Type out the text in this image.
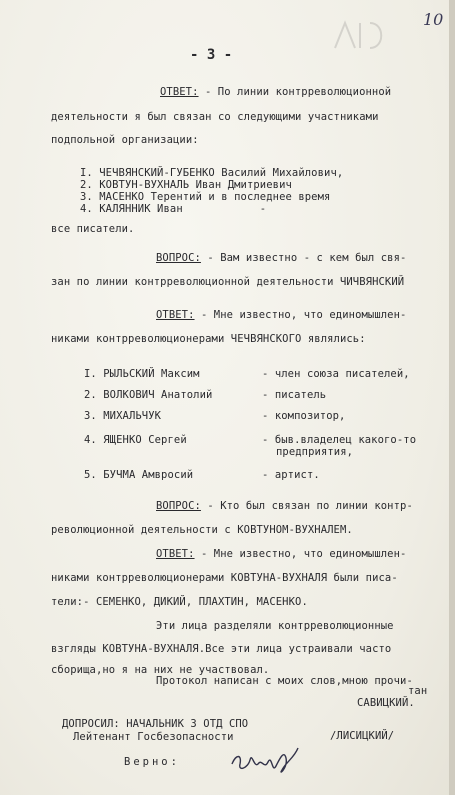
10
- 3 -
ОТВЕТ: - По линии контрреволюционной
деятельности я был связан со следующими участниками
подпольной организации:
I. ЧЕЧВЯНСКИЙ-ГУБЕНКО Василий Михайлович,
2. КОВТУН-ВУХНАЛЬ Иван Дмитриевич
3. МАСЕНКО Терентий и в последнее время
4. КАЛЯННИК Иван            -
все писатели.
ВОПРОС: - Вам известно - с кем был свя-
зан по линии контрреволюционной деятельности ЧИЧВЯНСКИЙ
ОТВЕТ: - Мне известно, что единомышлен-
никами контрреволюционерами ЧЕЧВЯНСКОГО являлись:
I. РЫЛЬСКИЙ Максим	- член союза писателей,
2. ВОЛКОВИЧ Анатолий	- писатель
3. МИХАЛЬЧУК	- композитор,
4. ЯЩЕНКО Сергей	- быв.владелец какого-то
предприятия,
5. БУЧМА Амвросий	- артист.
ВОПРОС: - Кто был связан по линии контр-
революционной деятельности с КОВТУНОМ-ВУХНАЛЕМ.
ОТВЕТ: - Мне известно, что единомышлен-
никами контрреволюционерами КОВТУНА-ВУХНАЛЯ были писа-
тели:- СЕМЕНКО, ДИКИЙ, ПЛАХТИН, МАСЕНКО.
Эти лица разделяли контрреволюционные
взгляды КОВТУНА-ВУХНАЛЯ.Все эти лица устраивали часто
сборища,но я на них не участвовал.
Протокол написан с моих слов,мною прочи-
тан
САВИЦКИЙ.
ДОПРОСИЛ: НАЧАЛЬНИК 3 ОТД СПО
Лейтенант Госбезопасности	/ЛИСИЦКИЙ/
Верно:
